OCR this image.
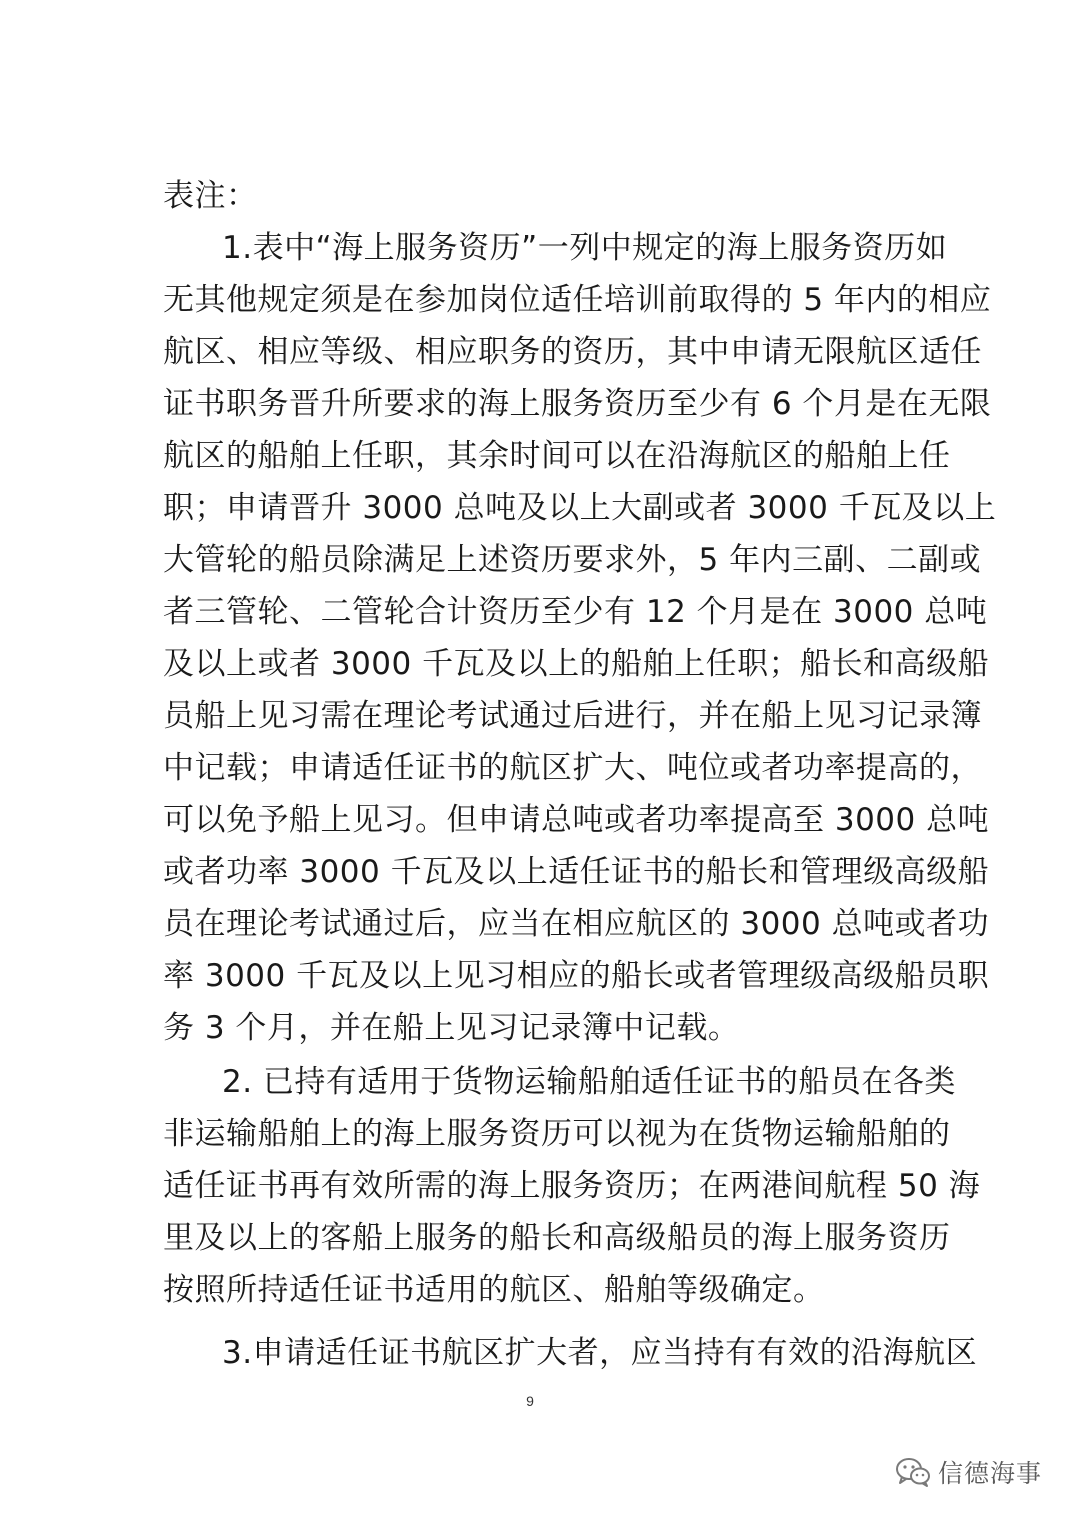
表注：
1.表中“海上服务资历”一列中规定的海上服务资历如
无其他规定须是在参加岗位适任培训前取得的 5 年内的相应
航区、相应等级、相应职务的资历，其中申请无限航区适任
证书职务晋升所要求的海上服务资历至少有 6 个月是在无限
航区的船舶上任职，其余时间可以在沿海航区的船舶上任
职；申请晋升 3000 总吨及以上大副或者 3000 千瓦及以上
大管轮的船员除满足上述资历要求外，5 年内三副、二副或
者三管轮、二管轮合计资历至少有 12 个月是在 3000 总吨
及以上或者 3000 千瓦及以上的船舶上任职；船长和高级船
员船上见习需在理论考试通过后进行，并在船上见习记录簿
中记载；申请适任证书的航区扩大、吨位或者功率提高的，
可以免予船上见习。但申请总吨或者功率提高至 3000 总吨
或者功率 3000 千瓦及以上适任证书的船长和管理级高级船
员在理论考试通过后，应当在相应航区的 3000 总吨或者功
率 3000 千瓦及以上见习相应的船长或者管理级高级船员职
务 3 个月，并在船上见习记录簿中记载。
2. 已持有适用于货物运输船舶适任证书的船员在各类
非运输船舶上的海上服务资历可以视为在货物运输船舶的
适任证书再有效所需的海上服务资历；在两港间航程 50 海
里及以上的客船上服务的船长和高级船员的海上服务资历
按照所持适任证书适用的航区、船舶等级确定。
3.申请适任证书航区扩大者，应当持有有效的沿海航区
9
信德海事
